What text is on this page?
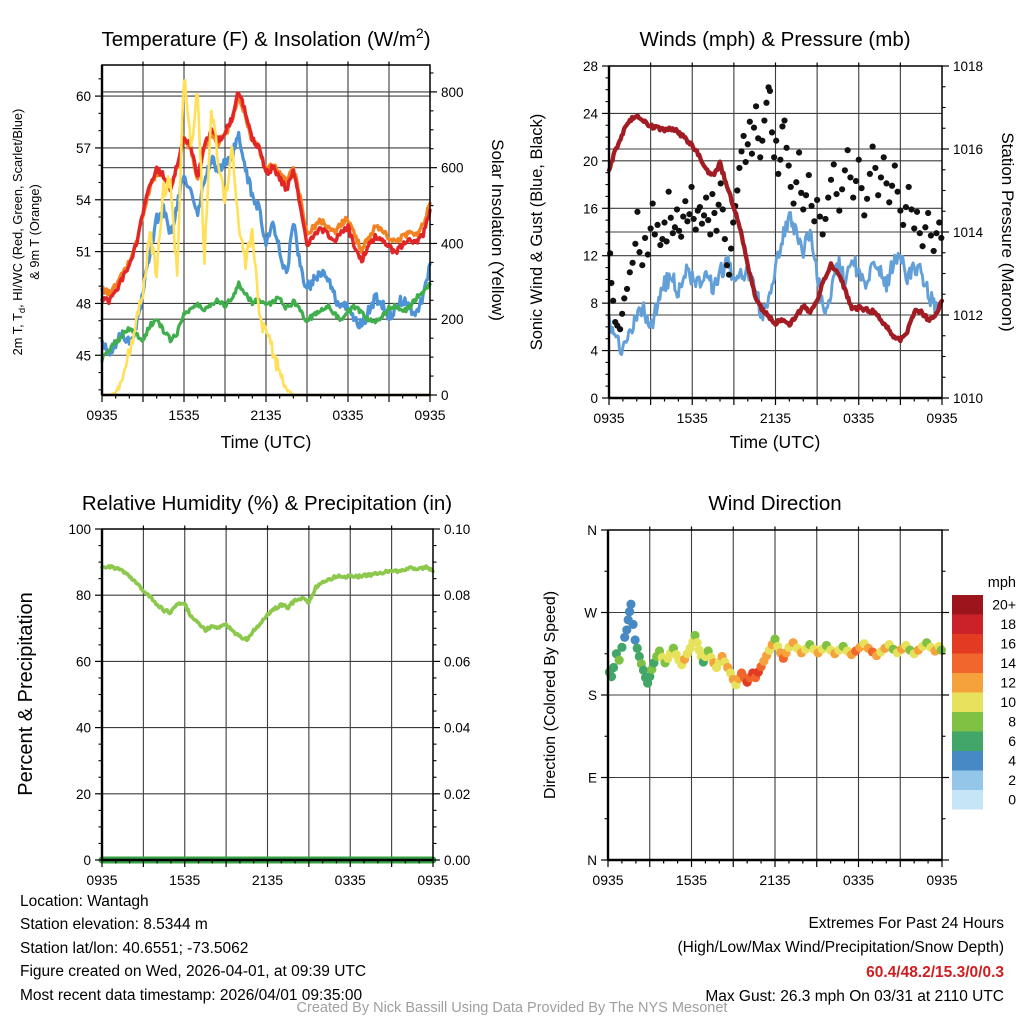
0935	1535	2135	0335	0935
45
48
51
54
57
60
0
200
400
600
800
Temperature (F) & Insolation $(W/m^2)$
2m T, $T_d$, HI/WC (Red, Green, Scarlet/Blue) & 9m T (Orange)	Solar Insolation (Yellow)
Time (UTC)
0935	1535	2135	0335	0935
0
4
8
12
16
20
24
28
1010
1012
1014
1016
1018
Winds (mph) & Pressure (mb)
Sonic Wind & Gust (Blue, Black)	Station Pressure (Maroon)
Time (UTC)
0935	1535	2135	0335	0935
0
20
40
60
80
100
0.00
0.02
0.04
0.06
0.08
0.10
Relative Humidity (%) & Precipitation (in)
Percent & Precipitation
0935	1535	2135	0335	0935
N
W
S
E
N
20+
18
16
14
12
10
8
6
4
2
0
Wind Direction
Direction (Colored By Speed)
mph
Location: Wantagh
Station elevation: 8.5344 m
Station lat/lon: 40.6551; -73.5062
Figure created on Wed, 2026-04-01, at 09:39 UTC
Most recent data timestamp: 2026/04/01 09:35:00
Extremes For Past 24 Hours
(High/Low/Max Wind/Precipitation/Snow Depth)
60.4/48.2/15.3/0/0.3
Max Gust: 26.3 mph On 03/31 at 2110 UTC
Created By Nick Bassill Using Data Provided By The NYS Mesonet
